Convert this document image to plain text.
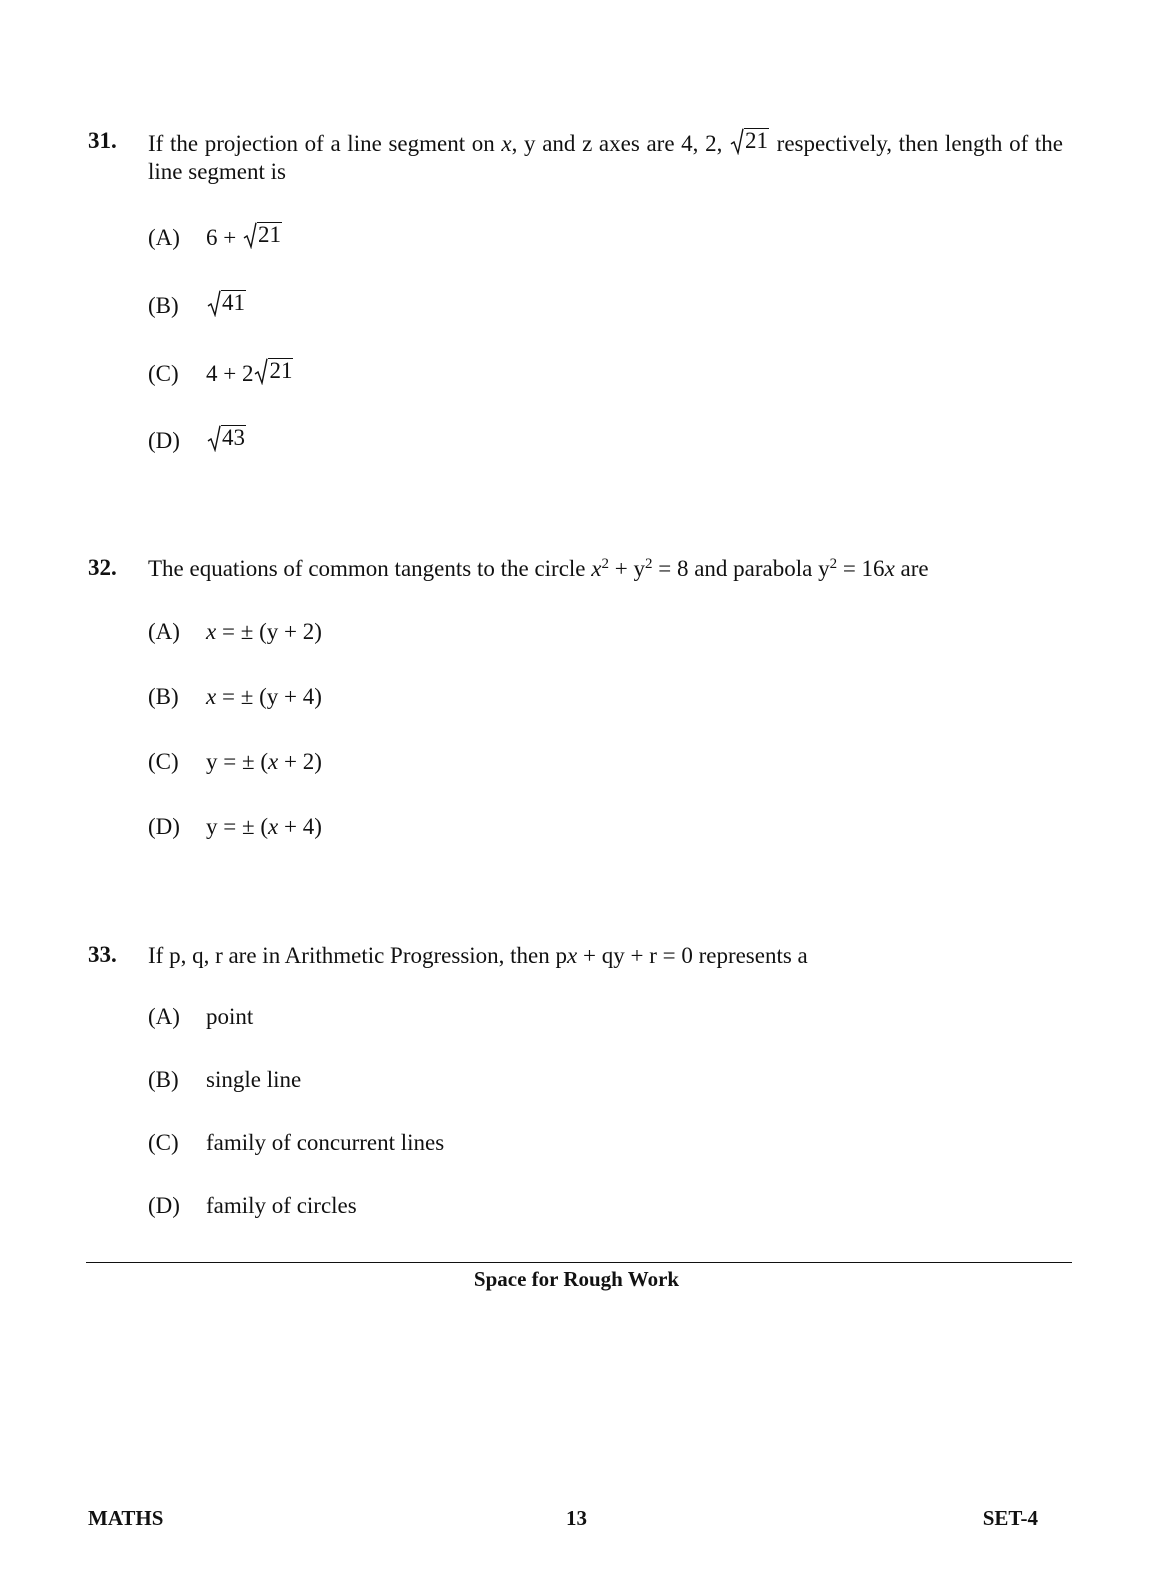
31. If the projection of a line segment on x, y and z axes are 4, 2, 21 respectively, then length of the line segment is
(A) 6 + 21
(B) 41
(C) 4 + 2 21
(D) 43
32. The equations of common tangents to the circle $x^2 + y^2 = 8$ and parabola $y^2 = 16x$ are
(A) x = ± (y + 2)
(B) x = ± (y + 4)
(C) y = ± (x + 2)
(D) y = ± (x + 4)
33. If p, q, r are in Arithmetic Progression, then px + qy + r = 0 represents a
(A) point
(B) single line
(C) family of concurrent lines
(D) family of circles
Space for Rough Work
MATHS	13	SET-4
